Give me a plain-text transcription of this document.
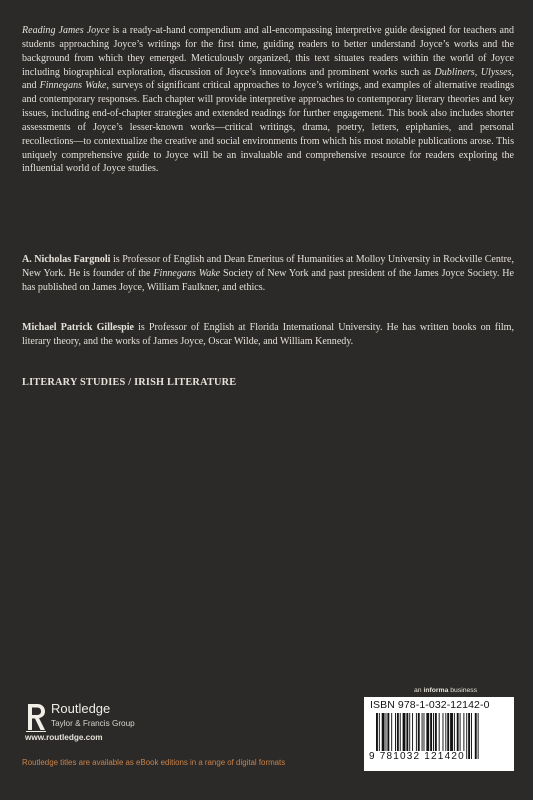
Reading James Joyce is a ready-at-hand compendium and all-encompassing interpretive guide designed for teachers and students approaching Joyce’s writings for the first time, guiding readers to better understand Joyce’s works and the background from which they emerged. Meticulously organized, this text situates readers within the world of Joyce including biographical exploration, discussion of Joyce’s innovations and prominent works such as Dubliners, Ulysses, and Finnegans Wake, surveys of significant critical approaches to Joyce’s writings, and examples of alternative readings and contemporary responses. Each chapter will provide interpretive approaches to contemporary literary theories and key issues, including end-of-chapter strategies and extended readings for further engagement. This book also includes shorter assessments of Joyce’s lesser-known works—critical writings, drama, poetry, letters, epiphanies, and personal recollections—to contextualize the creative and social environments from which his most notable publications arose. This uniquely comprehensive guide to Joyce will be an invaluable and comprehensive resource for readers exploring the influential world of Joyce studies.

A. Nicholas Fargnoli is Professor of English and Dean Emeritus of Humanities at Molloy University in Rockville Centre, New York. He is founder of the Finnegans Wake Society of New York and past president of the James Joyce Society. He has published on James Joyce, William Faulkner, and ethics.

Michael Patrick Gillespie is Professor of English at Florida International University. He has written books on film, literary theory, and the works of James Joyce, Oscar Wilde, and William Kennedy.

LITERARY STUDIES / IRISH LITERATURE
Routledge
Taylor & Francis Group
www.routledge.com
Routledge titles are available as eBook editions in a range of digital formats
an informa business
ISBN 978-1-032-12142-0
9 781032 121420
